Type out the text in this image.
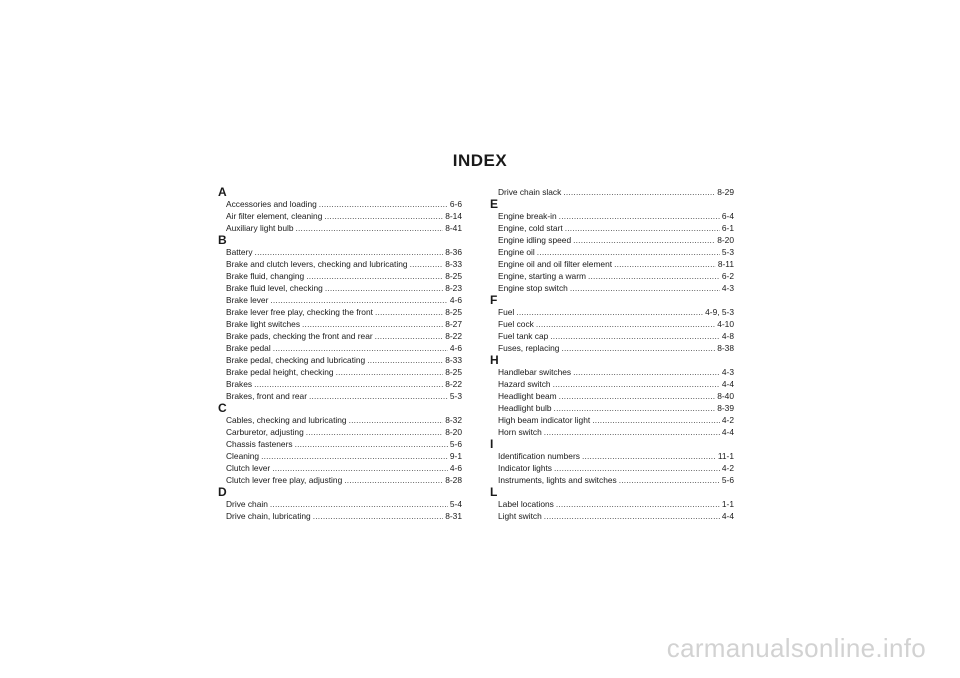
INDEX
A
Accessories and loading .....	6-6
Air filter element, cleaning .....	8-14
Auxiliary light bulb .....	8-41
B
Battery .....	8-36
Brake and clutch levers, checking and lubricating .....	8-33
Brake fluid, changing .....	8-25
Brake fluid level, checking .....	8-23
Brake lever .....	4-6
Brake lever free play, checking the front .....	8-25
Brake light switches .....	8-27
Brake pads, checking the front and rear .....	8-22
Brake pedal .....	4-6
Brake pedal, checking and lubricating .....	8-33
Brake pedal height, checking .....	8-25
Brakes .....	8-22
Brakes, front and rear .....	5-3
C
Cables, checking and lubricating .....	8-32
Carburetor, adjusting .....	8-20
Chassis fasteners .....	5-6
Cleaning .....	9-1
Clutch lever .....	4-6
Clutch lever free play, adjusting .....	8-28
D
Drive chain .....	5-4
Drive chain, lubricating .....	8-31
Drive chain slack .....	8-29
E
Engine break-in .....	6-4
Engine, cold start .....	6-1
Engine idling speed .....	8-20
Engine oil .....	5-3
Engine oil and oil filter element .....	8-11
Engine, starting a warm .....	6-2
Engine stop switch .....	4-3
F
Fuel .....	4-9, 5-3
Fuel cock .....	4-10
Fuel tank cap .....	4-8
Fuses, replacing .....	8-38
H
Handlebar switches .....	4-3
Hazard switch .....	4-4
Headlight beam .....	8-40
Headlight bulb .....	8-39
High beam indicator light .....	4-2
Horn switch .....	4-4
I
Identification numbers .....	11-1
Indicator lights .....	4-2
Instruments, lights and switches .....	5-6
L
Label locations .....	1-1
Light switch .....	4-4
carmanualsonline.info
